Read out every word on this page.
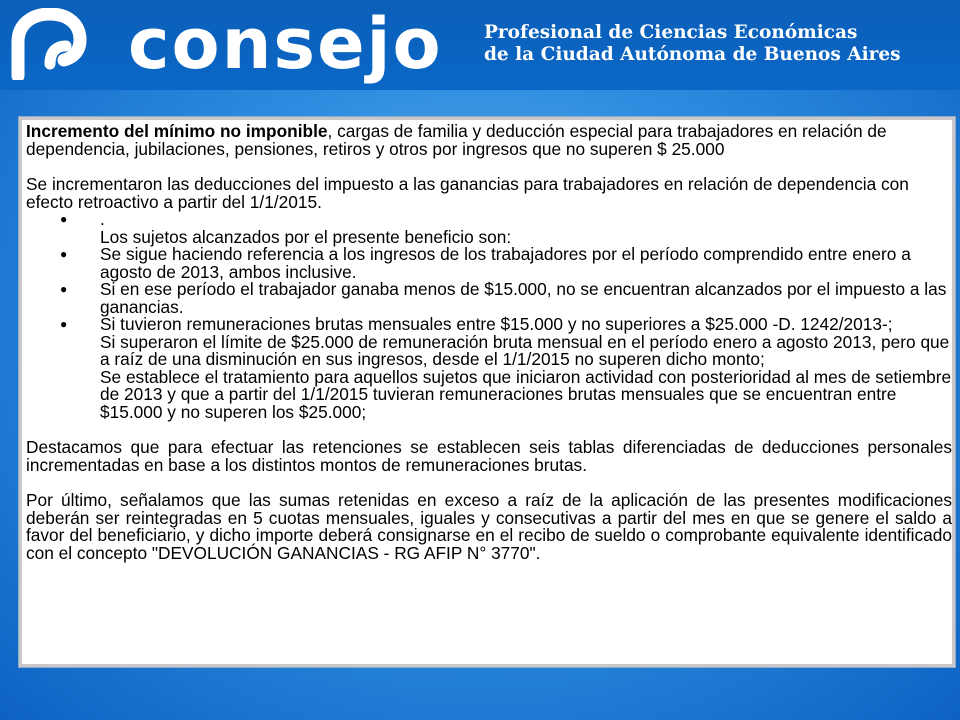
consejo Profesional de Ciencias Económicas
de la Ciudad Autónoma de Buenos Aires

Incremento del mínimo no imponible, cargas de familia y deducción especial para trabajadores en relación de dependencia, jubilaciones, pensiones, retiros y otros por ingresos que no superen $ 25.000

Se incrementaron las deducciones del impuesto a las ganancias para trabajadores en relación de dependencia con efecto retroactivo a partir del 1/1/2015.

● .
Los sujetos alcanzados por el presente beneficio son:
● Se sigue haciendo referencia a los ingresos de los trabajadores por el período comprendido entre enero a agosto de 2013, ambos inclusive.
● Si en ese período el trabajador ganaba menos de $15.000, no se encuentran alcanzados por el impuesto a las ganancias.
● Si tuvieron remuneraciones brutas mensuales entre $15.000 y no superiores a $25.000 -D. 1242/2013-;
Si superaron el límite de $25.000 de remuneración bruta mensual en el período enero a agosto 2013, pero que a raíz de una disminución en sus ingresos, desde el 1/1/2015 no superen dicho monto;
Se establece el tratamiento para aquellos sujetos que iniciaron actividad con posterioridad al mes de setiembre de 2013 y que a partir del 1/1/2015 tuvieran remuneraciones brutas mensuales que se encuentran entre $15.000 y no superen los $25.000;

Destacamos que para efectuar las retenciones se establecen seis tablas diferenciadas de deducciones personales incrementadas en base a los distintos montos de remuneraciones brutas.

Por último, señalamos que las sumas retenidas en exceso a raíz de la aplicación de las presentes modificaciones deberán ser reintegradas en 5 cuotas mensuales, iguales y consecutivas a partir del mes en que se genere el saldo a favor del beneficiario, y dicho importe deberá consignarse en el recibo de sueldo o comprobante equivalente identificado con el concepto "DEVOLUCIÓN GANANCIAS - RG AFIP N° 3770".
